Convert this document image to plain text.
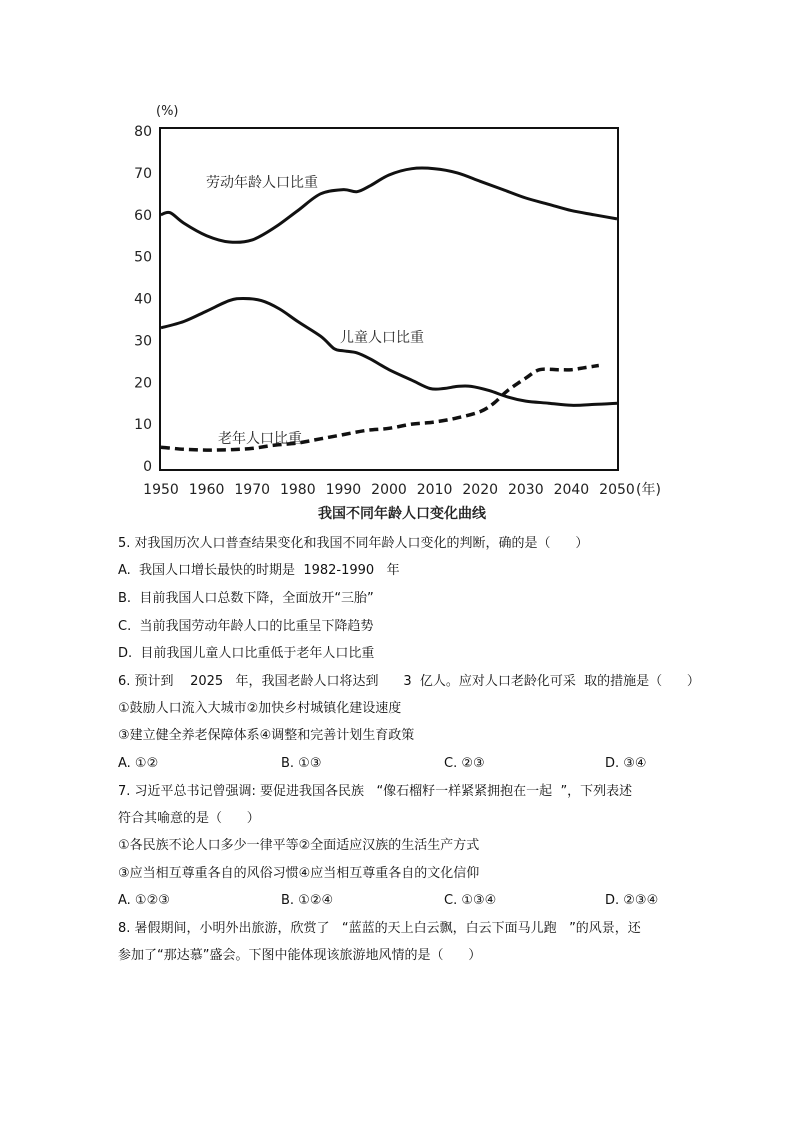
(%)
0
10
20
30
40
50
60
70
80
1950 1960 1970 1980 1990 2000 2010 2020 2030 2040 2050
劳动年龄人口比重
儿童人口比重
老年人口比重
(年)
我国不同年龄人口变化曲线
5. 对我国历次人口普查结果变化和我国不同年龄人口变化的判断，确的是（      ）
A.  我国人口增长最快的时期是  1982-1990   年
B.  目前我国人口总数下降，全面放开“三胎”
C.  当前我国劳动年龄人口的比重呈下降趋势
D.  目前我国儿童人口比重低于老年人口比重
6. 预计到    2025   年，我国老龄人口将达到      3  亿人。应对人口老龄化可采  取的措施是（      ）
①鼓励人口流入大城市②加快乡村城镇化建设速度
③建立健全养老保障体系④调整和完善计划生育政策
A. ①②	B. ①③	C. ②③	D. ③④
7. 习近平总书记曾强调: 要促进我国各民族   “像石榴籽一样紧紧拥抱在一起  ”，下列表述
符合其喻意的是（      ）
①各民族不论人口多少一律平等②全面适应汉族的生活生产方式
③应当相互尊重各自的风俗习惯④应当相互尊重各自的文化信仰
A. ①②③	B. ①②④	C. ①③④	D. ②③④
8. 暑假期间，小明外出旅游，欣赏了   “蓝蓝的天上白云飘，白云下面马儿跑   ”的风景，还
参加了“那达慕”盛会。下图中能体现该旅游地风情的是（      ）
